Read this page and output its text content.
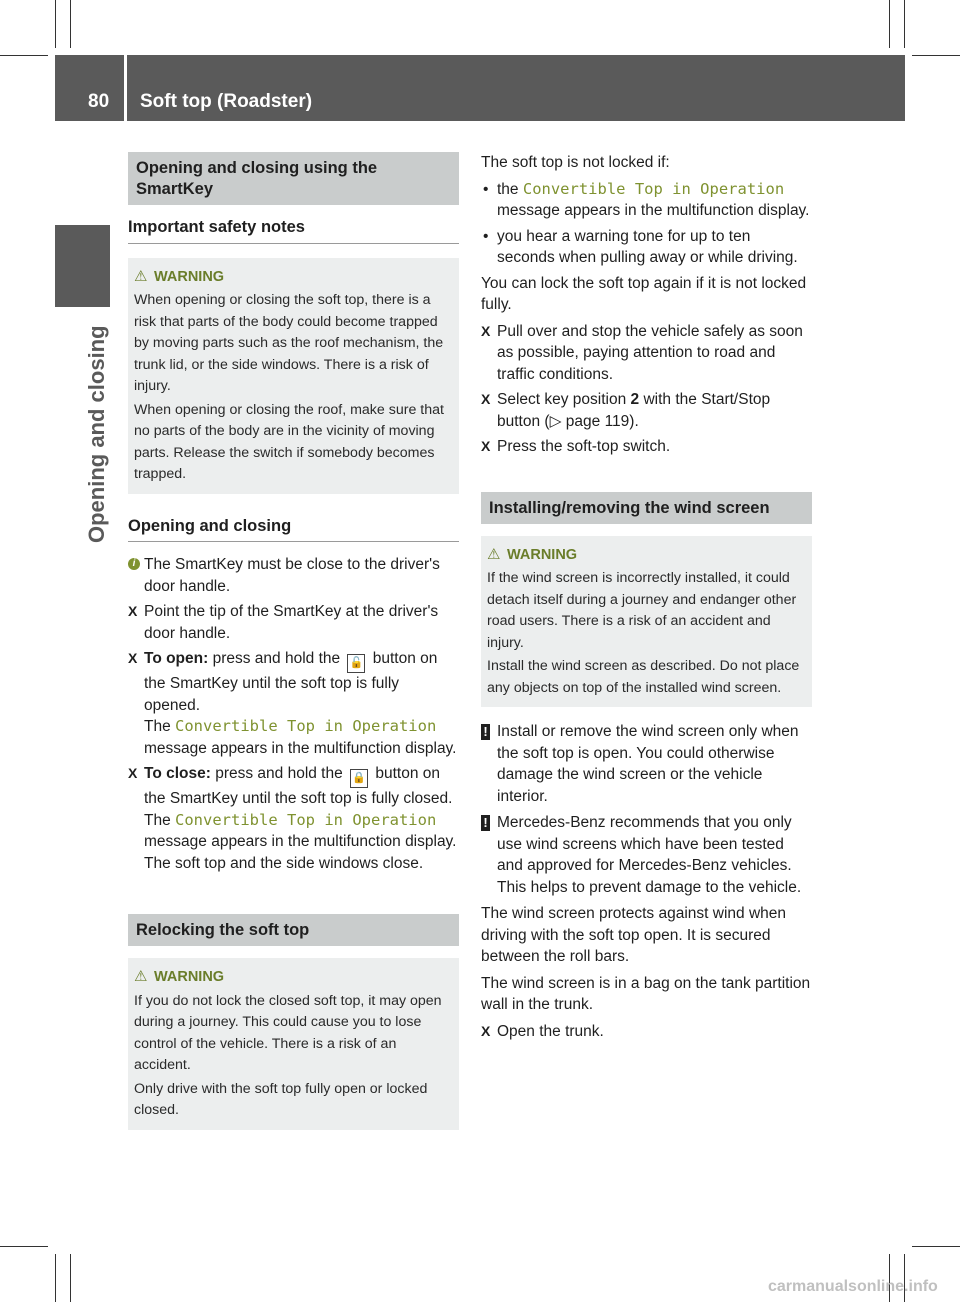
80 Soft top (Roadster)
Opening and closing
Opening and closing using the SmartKey
Important safety notes
⚠ WARNING

When opening or closing the soft top, there is a risk that parts of the body could become trapped by moving parts such as the roof mechanism, the trunk lid, or the side windows. There is a risk of injury.

When opening or closing the roof, make sure that no parts of the body are in the vicinity of moving parts. Release the switch if somebody becomes trapped.

Opening and closing
i The SmartKey must be close to the driver's door handle.
X Point the tip of the SmartKey at the driver's door handle.
X To open: press and hold the 🔓 button on the SmartKey until the soft top is fully opened.
The Convertible Top in Operation
message appears in the multifunction display.
X To close: press and hold the 🔒 button on the SmartKey until the soft top is fully closed.
The Convertible Top in Operation
message appears in the multifunction display. The soft top and the side windows close.
Relocking the soft top
⚠ WARNING

If you do not lock the closed soft top, it may open during a journey. This could cause you to lose control of the vehicle. There is a risk of an accident.

Only drive with the soft top fully open or locked closed.

The soft top is not locked if:

• the Convertible Top in Operation
message appears in the multifunction display.
• you hear a warning tone for up to ten seconds when pulling away or while driving.

You can lock the soft top again if it is not locked fully.

X Pull over and stop the vehicle safely as soon as possible, paying attention to road and traffic conditions.
X Select key position 2 with the Start/Stop button (▷ page 119).
X Press the soft-top switch.
Installing/removing the wind screen
⚠ WARNING

If the wind screen is incorrectly installed, it could detach itself during a journey and endanger other road users. There is a risk of an accident and injury.

Install the wind screen as described. Do not place any objects on top of the installed wind screen.

! Install or remove the wind screen only when the soft top is open. You could otherwise damage the wind screen or the vehicle interior.
! Mercedes-Benz recommends that you only use wind screens which have been tested and approved for Mercedes-Benz vehicles. This helps to prevent damage to the vehicle.

The wind screen protects against wind when driving with the soft top open. It is secured between the roll bars.

The wind screen is in a bag on the tank partition wall in the trunk.

X Open the trunk.
carmanualsonline.info
